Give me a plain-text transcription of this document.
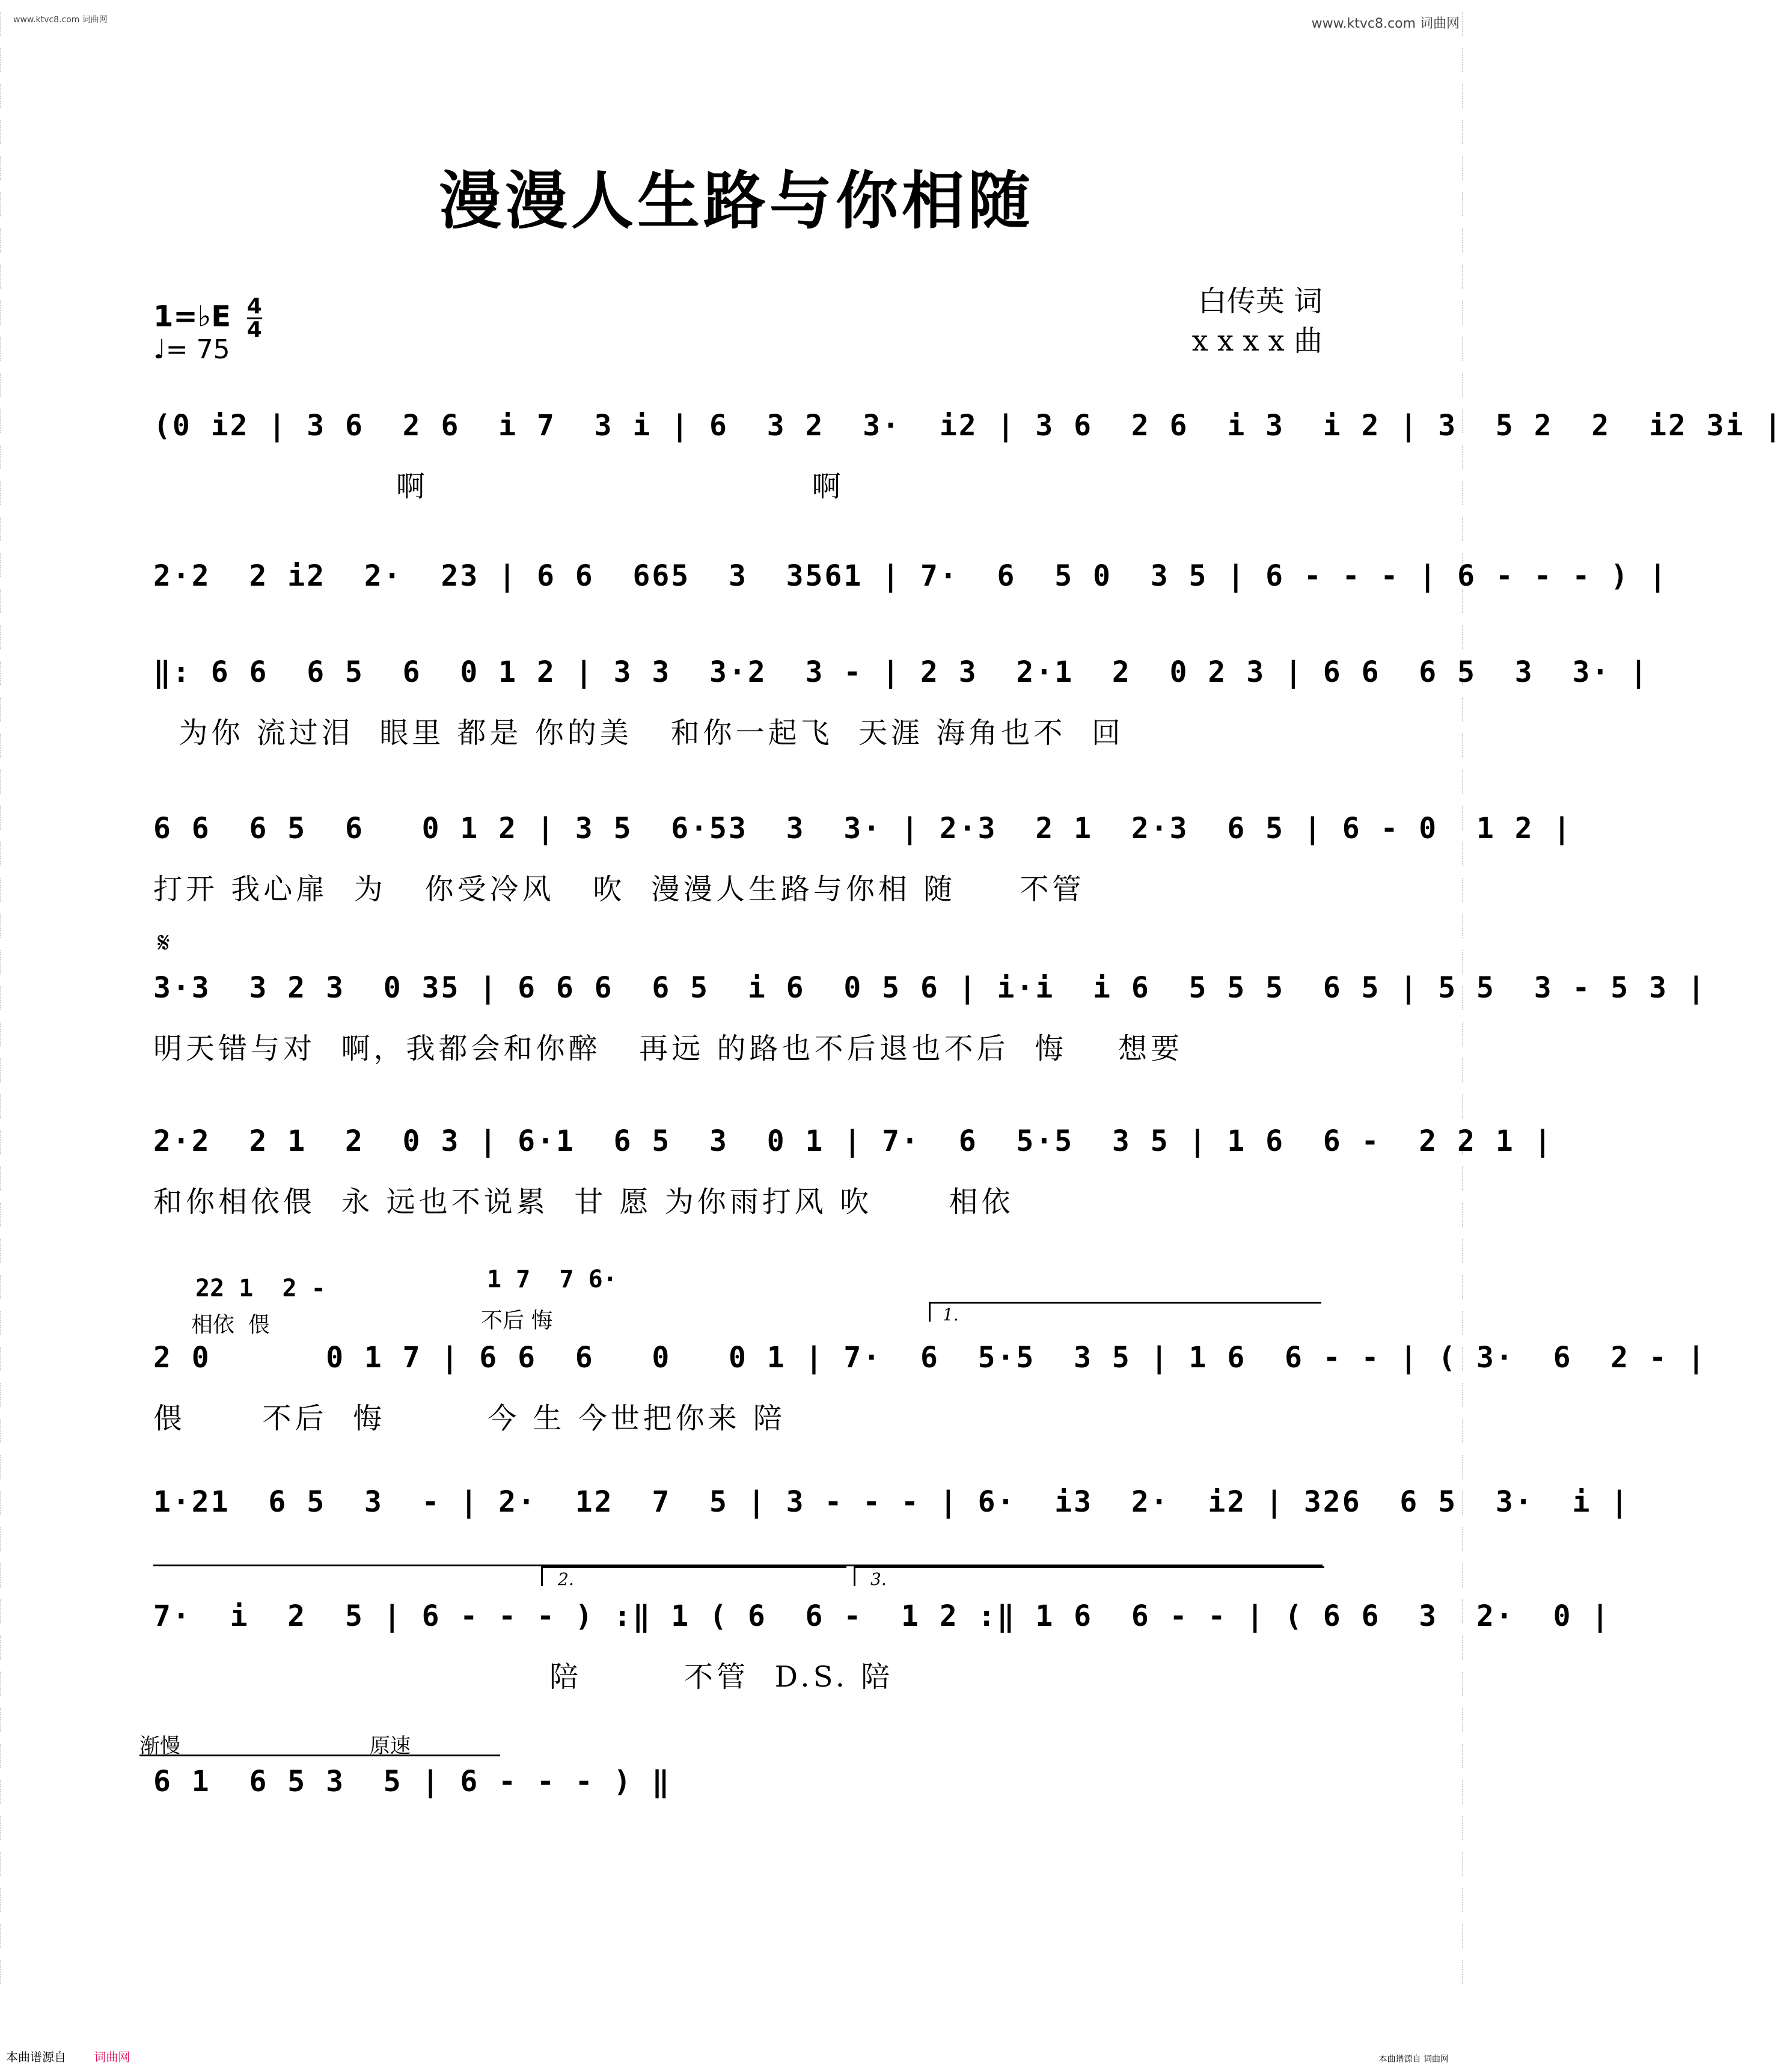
www.ktvc8.com 词曲网	www.ktvc8.com 词曲网
漫漫人生路与你相随
白传英 词
x x x x 曲
1=♭E $\frac{4}{4}$
♩= 75
(0 i2 | 3 6  2 6  i 7  3 i | 6  3 2  3·  i2 | 3 6  2 6  i 3  i 2 | 3  5 2  2  i2 3i |
啊                              啊
2·2  2 i2  2·  23 | 6 6  665  3  3561 | 7·  6  5 0  3 5 | 6 - - - | 6 - - - ) |
‖: 6 6  6 5  6  0 1 2 | 3 3  3·2  3 - | 2 3  2·1  2  0 2 3 | 6 6  6 5  3  3· |
为你 流过泪  眼里 都是 你的美   和你一起飞  天涯 海角也不  回
6 6  6 5  6   0 1 2 | 3 5  6·53  3  3· | 2·3  2 1  2·3  6 5 | 6 - 0  1 2 |
打开 我心扉  为   你受冷风   吹  漫漫人生路与你相 随     不管
𝄋
3·3  3 2 3  0 35 | 6 6 6  6 5  i 6  0 5 6 | i·i  i 6  5 5 5  6 5 | 5 5  3 - 5 3 |
明天错与对  啊，我都会和你醉   再远 的路也不后退也不后  悔    想要
2·2  2 1  2  0 3 | 6·1  6 5  3  0 1 | 7·  6  5·5  3 5 | 1 6  6 -  2 2 1 |
和你相依偎  永 远也不说累  甘 愿 为你雨打风 吹      相依
22 1  2 -
相依  偎
1 7  7 6·
不后 悔	1.
2 0      0 1 7 | 6 6  6   0   0 1 | 7·  6  5·5  3 5 | 1 6  6 - - | ( 3·  6  2 - |
偎      不后  悔        今 生 今世把你来 陪
1·21  6 5  3  - | 2·  12  7  5 | 3 - - - | 6·  i3  2·  i2 | 326  6 5  3·  i |
2.	3.
7·  i  2  5 | 6 - - - ) :‖ 1 ( 6  6 -  1 2 :‖ 1 6  6 - - | ( 6 6  3  2·  0 |
陪        不管  D.S. 陪
渐慢	原速
6 1  6 5 3  5 | 6 - - - ) ‖
本曲谱源自 词曲网	本曲谱源自 词曲网
